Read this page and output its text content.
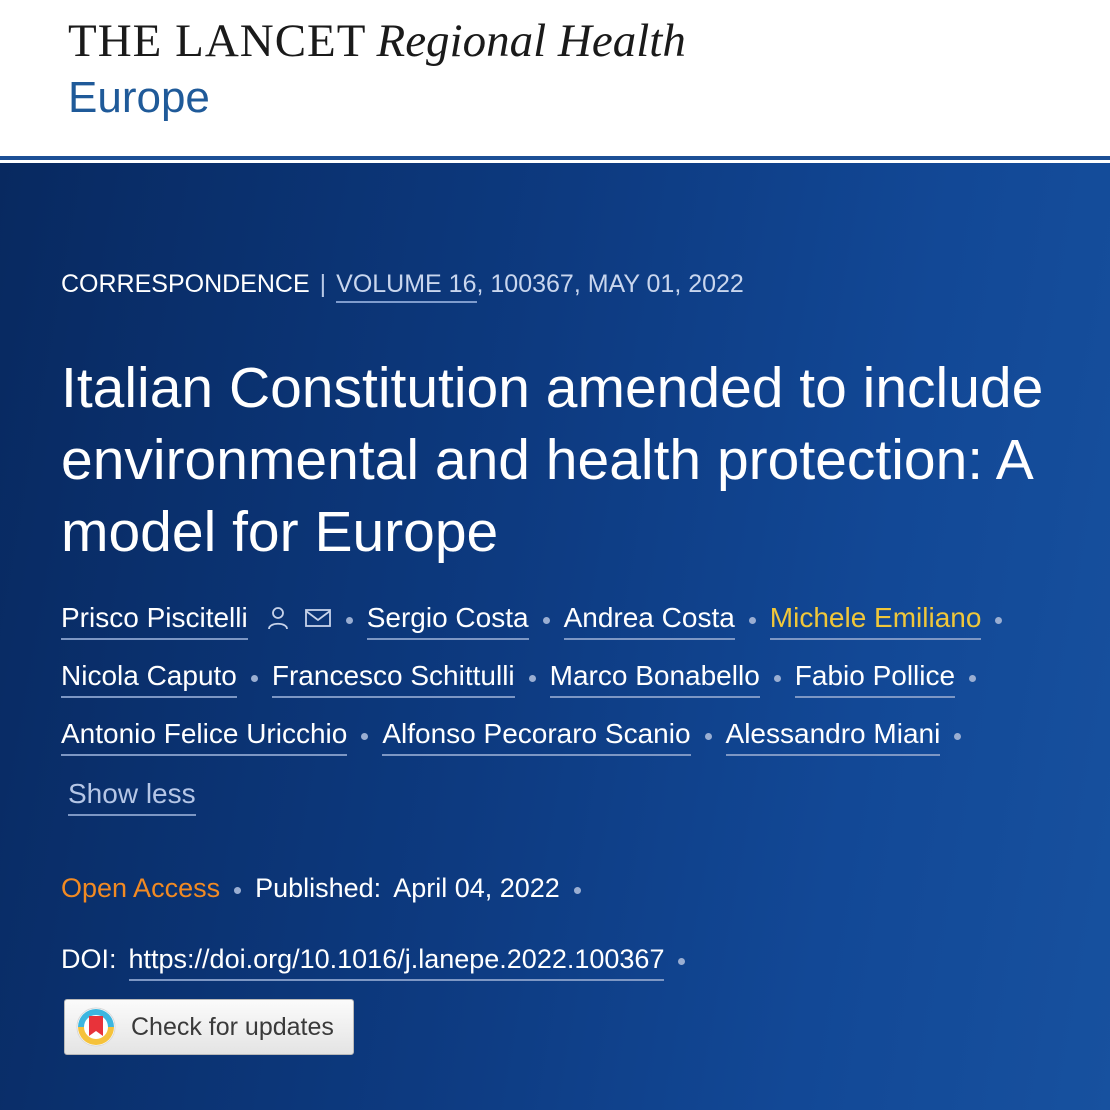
THE LANCET Regional Health
Europe
CORRESPONDENCE | VOLUME 16, 100367, MAY 01, 2022
Italian Constitution amended to include environmental and health protection: A model for Europe
Prisco Piscitelli	Sergio Costa Andrea Costa Michele Emiliano
Nicola Caputo Francesco Schittulli Marco Bonabello Fabio Pollice
Antonio Felice Uricchio Alfonso Pecoraro Scanio Alessandro Miani
Show less
Open Access Published: April 04, 2022
DOI: https://doi.org/10.1016/j.lanepe.2022.100367
Check for updates
